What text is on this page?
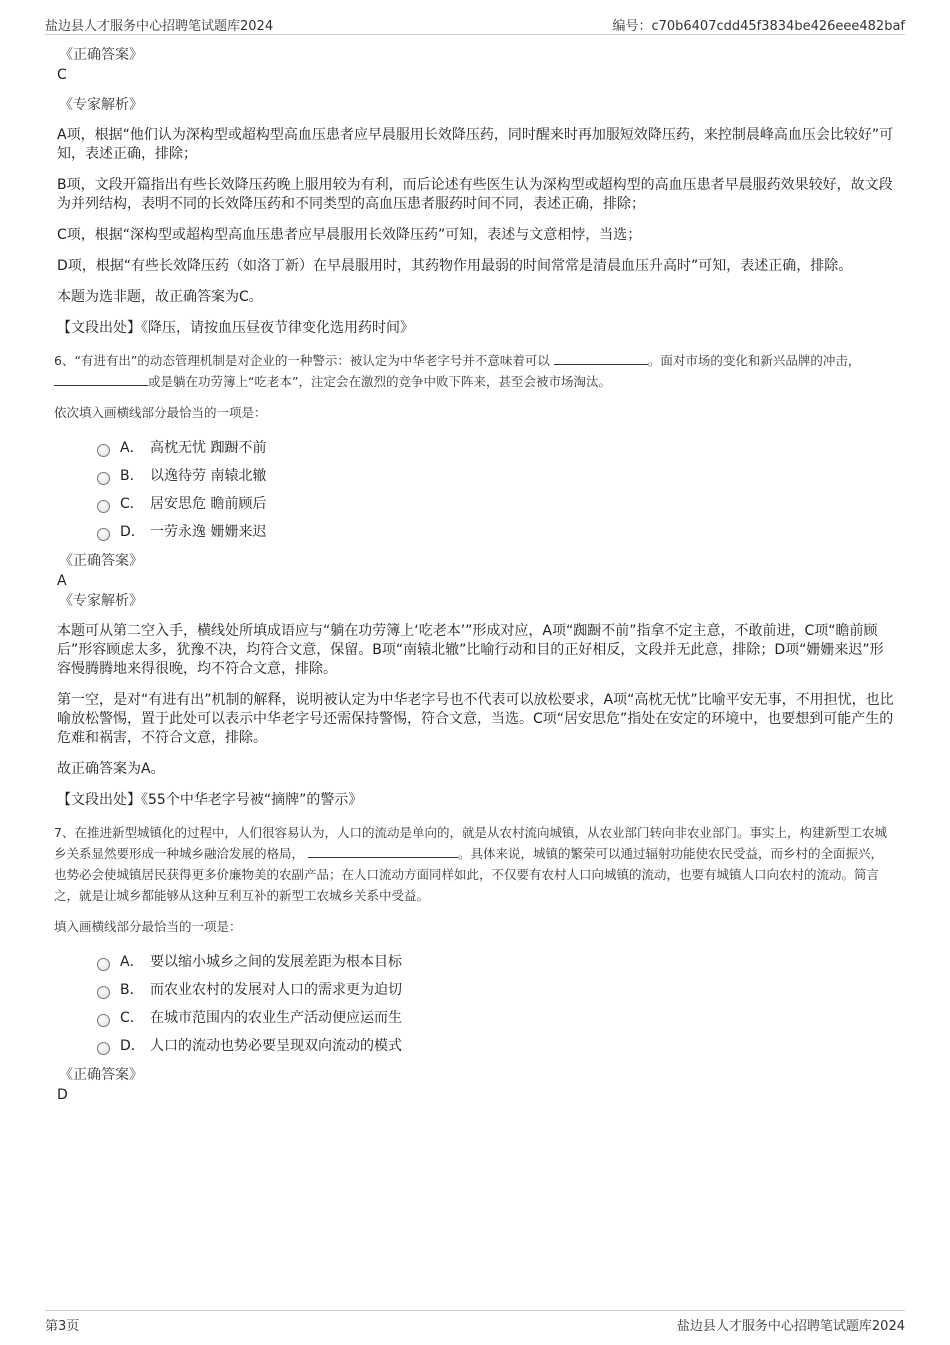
盐边县人才服务中心招聘笔试题库2024	编号：c70b6407cdd45f3834be426eee482baf
《正确答案》
C
《专家解析》
A项，根据“他们认为深构型或超构型高血压患者应早晨服用长效降压药，同时醒来时再加服短效降压药，来控制晨峰高血压会比较好”可知，表述正确，排除；
B项，文段开篇指出有些长效降压药晚上服用较为有利，而后论述有些医生认为深构型或超构型的高血压患者早晨服药效果较好，故文段为并列结构，表明不同的长效降压药和不同类型的高血压患者服药时间不同，表述正确，排除；
C项，根据“深构型或超构型高血压患者应早晨服用长效降压药”可知，表述与文意相悖，当选；
D项，根据“有些长效降压药（如洛丁新）在早晨服用时，其药物作用最弱的时间常常是清晨血压升高时”可知，表述正确，排除。
本题为选非题，故正确答案为C。
【文段出处】《降压，请按血压昼夜节律变化选用药时间》
6、“有进有出”的动态管理机制是对企业的一种警示：被认定为中华老字号并不意味着可以	。面对市场的变化和新兴品牌的冲击， 或是躺在功劳簿上“吃老本”，注定会在激烈的竞争中败下阵来，甚至会被市场淘汰。
依次填入画横线部分最恰当的一项是：
A． 高枕无忧 踟蹰不前
B． 以逸待劳 南辕北辙
C． 居安思危 瞻前顾后
D． 一劳永逸 姗姗来迟
《正确答案》
A
《专家解析》
本题可从第二空入手，横线处所填成语应与“躺在功劳簿上‘吃老本’”形成对应，A项“踟蹰不前”指拿不定主意，不敢前进，C项“瞻前顾后”形容顾虑太多，犹豫不决，均符合文意，保留。B项“南辕北辙”比喻行动和目的正好相反，文段并无此意，排除；D项“姗姗来迟”形容慢腾腾地来得很晚，均不符合文意，排除。
第一空，是对“有进有出”机制的解释，说明被认定为中华老字号也不代表可以放松要求，A项“高枕无忧”比喻平安无事，不用担忧，也比喻放松警惕，置于此处可以表示中华老字号还需保持警惕，符合文意，当选。C项“居安思危”指处在安定的环境中，也要想到可能产生的危难和祸害，不符合文意，排除。
故正确答案为A。
【文段出处】《55个中华老字号被“摘牌”的警示》
7、在推进新型城镇化的过程中，人们很容易认为，人口的流动是单向的，就是从农村流向城镇，从农业部门转向非农业部门。事实上，构建新型工农城乡关系显然要形成一种城乡融洽发展的格局，	。具体来说，城镇的繁荣可以通过辐射功能使农民受益，而乡村的全面振兴，也势必会使城镇居民获得更多价廉物美的农副产品；在人口流动方面同样如此，不仅要有农村人口向城镇的流动，也要有城镇人口向农村的流动。简言之，就是让城乡都能够从这种互利互补的新型工农城乡关系中受益。
填入画横线部分最恰当的一项是：
A． 要以缩小城乡之间的发展差距为根本目标
B． 而农业农村的发展对人口的需求更为迫切
C． 在城市范围内的农业生产活动便应运而生
D． 人口的流动也势必要呈现双向流动的模式
《正确答案》
D
第3页	盐边县人才服务中心招聘笔试题库2024
